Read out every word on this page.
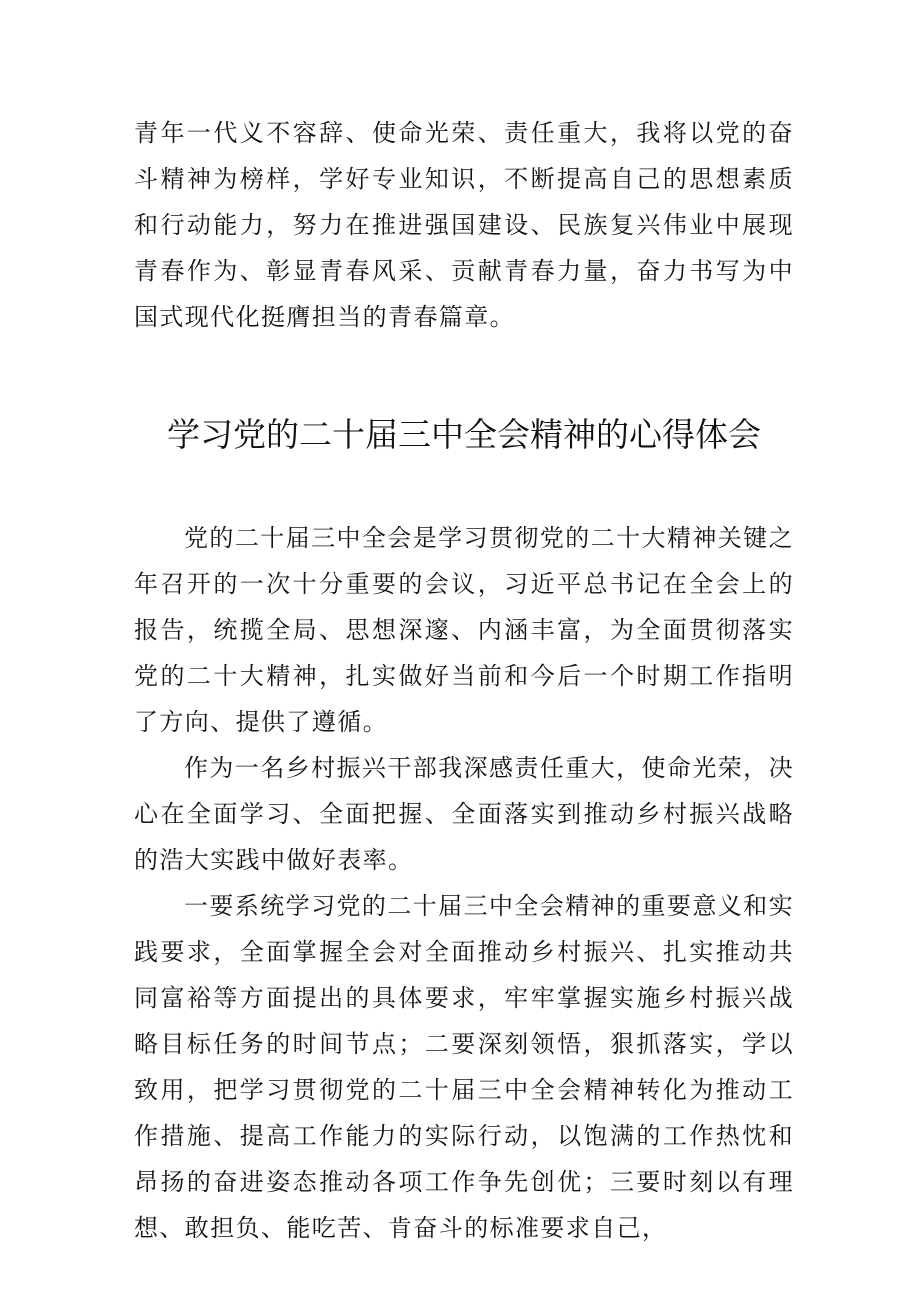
青年一代义不容辞、使命光荣、责任重大，我将以党的奋斗精神为榜样，学好专业知识，不断提高自己的思想素质和行动能力，努力在推进强国建设、民族复兴伟业中展现青春作为、彰显青春风采、贡献青春力量，奋力书写为中国式现代化挺膺担当的青春篇章。

学习党的二十届三中全会精神的心得体会

党的二十届三中全会是学习贯彻党的二十大精神关键之年召开的一次十分重要的会议，习近平总书记在全会上的报告，统揽全局、思想深邃、内涵丰富，为全面贯彻落实党的二十大精神，扎实做好当前和今后一个时期工作指明了方向、提供了遵循。

作为一名乡村振兴干部我深感责任重大，使命光荣，决心在全面学习、全面把握、全面落实到推动乡村振兴战略的浩大实践中做好表率。

一要系统学习党的二十届三中全会精神的重要意义和实践要求，全面掌握全会对全面推动乡村振兴、扎实推动共同富裕等方面提出的具体要求，牢牢掌握实施乡村振兴战略目标任务的时间节点；二要深刻领悟，狠抓落实，学以致用，把学习贯彻党的二十届三中全会精神转化为推动工作措施、提高工作能力的实际行动，以饱满的工作热忱和昂扬的奋进姿态推动各项工作争先创优；三要时刻以有理想、敢担负、能吃苦、肯奋斗的标准要求自己，
